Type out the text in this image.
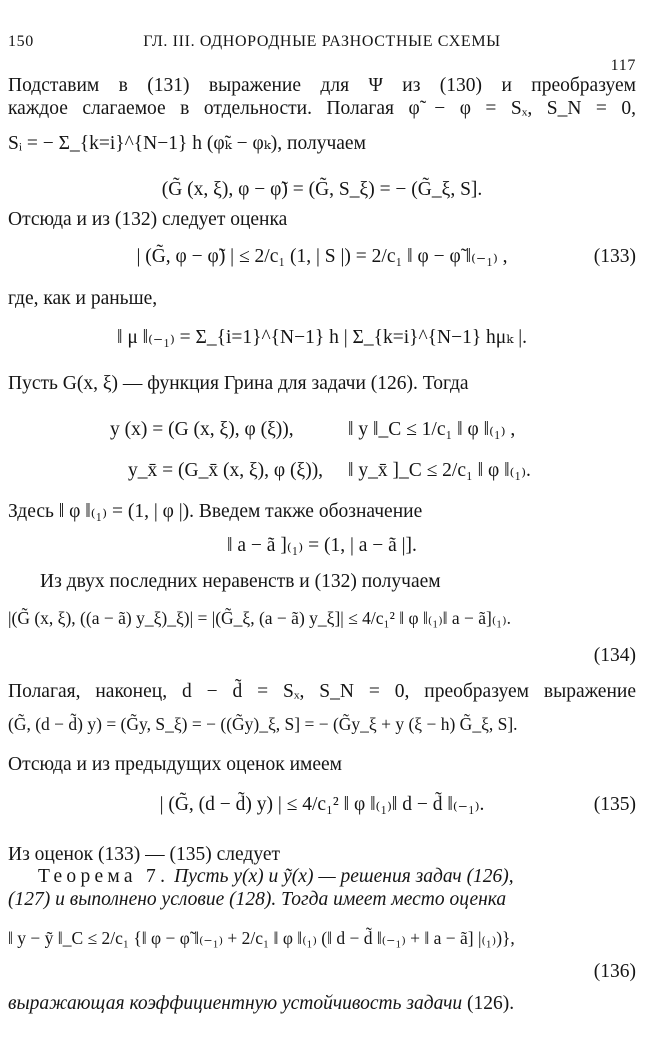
150	ГЛ. III. ОДНОРОДНЫЕ РАЗНОСТНЫЕ СХЕМЫ
117
Подставим в (131) выражение для Ψ из (130) и преобразуем
каждое слагаемое в отдельности. Полагая φ̃ − φ = Sₓ, S_N = 0,
Sᵢ = − Σ_{k=i}^{N−1} h (φ̃ₖ − φₖ), получаем
(G̃ (x, ξ), φ − φ̃) = (G̃, S_ξ) = − (G̃_ξ, S].
Отсюда и из (132) следует оценка
| (G̃, φ − φ̃) | ≤ 2/c₁ (1, | S |) = 2/c₁ ‖ φ − φ̃ ‖₍₋₁₎ ,	(133)
где, как и раньше,
‖ μ ‖₍₋₁₎ = Σ_{i=1}^{N−1} h | Σ_{k=i}^{N−1} hμₖ |.
Пусть G(x, ξ) — функция Грина для задачи (126). Тогда
y (x) = (G (x, ξ), φ (ξ)),	‖ y ‖_C ≤ 1/c₁ ‖ φ ‖₍₁₎ ,
y_x̄ = (G_x̄ (x, ξ), φ (ξ)), ‖ y_x̄ ]_C ≤ 2/c₁ ‖ φ ‖₍₁₎.
Здесь ‖ φ ‖₍₁₎ = (1, | φ |). Введем также обозначение
‖ a − ã ]₍₁₎ = (1, | a − ã |].
Из двух последних неравенств и (132) получаем
|(G̃ (x, ξ), ((a − ã) y_ξ)_ξ)| = |(G̃_ξ, (a − ã) y_ξ]| ≤ 4/c₁² ‖ φ ‖₍₁₎‖ a − ã]₍₁₎.
(134)
Полагая, наконец, d − d̃ = Sₓ, S_N = 0, преобразуем выражение
(G̃, (d − d̃) y) = (G̃y, S_ξ) = − ((G̃y)_ξ, S] = − (G̃y_ξ + y (ξ − h) G̃_ξ, S].
Отсюда и из предыдущих оценок имеем
| (G̃, (d − d̃) y) | ≤ 4/c₁² ‖ φ ‖₍₁₎‖ d − d̃ ‖₍₋₁₎.	(135)
Из оценок (133) — (135) следует
Теорема 7. Пусть y(x) и ỹ(x) — решения задач (126),
(127) и выполнено условие (128). Тогда имеет место оценка
‖ y − ỹ ‖_C ≤ 2/c₁ {‖ φ − φ̃ ‖₍₋₁₎ + 2/c₁ ‖ φ ‖₍₁₎ (‖ d − d̃ ‖₍₋₁₎ + ‖ a − ã] |₍₁₎)},
(136)
выражающая коэффициентную устойчивость задачи (126).
